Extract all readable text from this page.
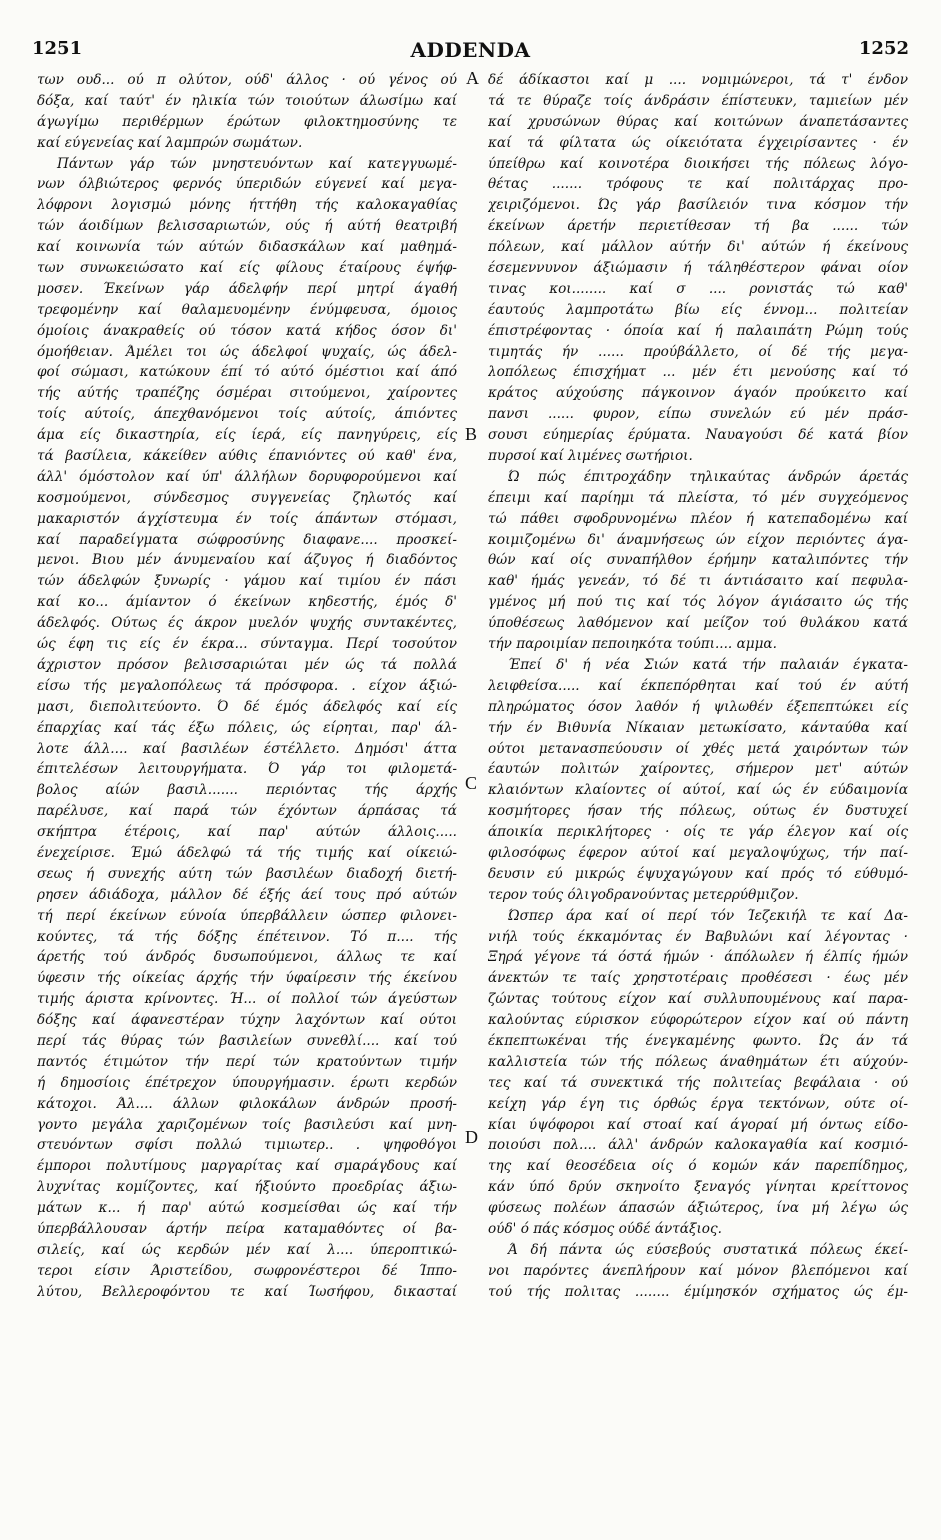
1251	ADDENDA	1252
των ουδ... ού π ολύτον, ούδ' άλλος · ού γένος ού
δόξα, καί ταύτ' έν ηλικία τών τοιούτων άλωσίμω καί
άγωγίμω περιθέρμων έρώτων φιλοκτημοσύνης τε
καί εύγενείας καί λαμπρών σωμάτων.
Πάντων γάρ τών μνηστευόντων καί κατεγγυωμέ-
νων όλβιώτερος φερνός ύπεριδών εύγενεί καί μεγα-
λόφρονι λογισμώ μόνης ήττήθη τής καλοκαγαθίας
τών άοιδίμων βελισσαριωτών, ούς ή αύτή θεατριβή
καί κοινωνία τών αύτών διδασκάλων καί μαθημά-
των συνωκειώσατο καί είς φίλους έταίρους έψήφ-
μοσεν. Έκείνων γάρ άδελφήν περί μητρί άγαθή
τρεφομένην καί θαλαμευομένην ένύμφευσα, όμοιος
όμοίοις άνακραθείς ού τόσον κατά κήδος όσον δι'
όμοήθειαν. Άμέλει τοι ώς άδελφοί ψυχαίς, ώς άδελ-
φοί σώμασι, κατώκουν έπί τό αύτό όμέστιοι καί άπό
τής αύτής τραπέζης όσμέραι σιτούμενοι, χαίροντες
τοίς αύτοίς, άπεχθανόμενοι τοίς αύτοίς, άπιόντες
άμα είς δικαστηρία, είς ίερά, είς πανηγύρεις, είς
τά βασίλεια, κάκείθεν αύθις έπανιόντες ού καθ' ένα,
άλλ' όμόστολον καί ύπ' άλλήλων δορυφορούμενοι καί
κοσμούμενοι, σύνδεσμος συγγενείας ζηλωτός καί
μακαριστόν άγχίστευμα έν τοίς άπάντων στόμασι,
καί παραδείγματα σώφροσύνης διαφανε.... προσκεί-
μενοι. Βιου μέν άνυμεναίου καί άζυγος ή διαδόντος
τών άδελφών ξυνωρίς · γάμου καί τιμίου έν πάσι
καί κο... άμίαντον ό έκείνων κηδεστής, έμός δ'
άδελφός. Ούτως ές άκρον μυελόν ψυχής συντακέντες,
ώς έφη τις είς έν έκρα... σύνταγμα. Περί τοσούτον
άχριστον πρόσον βελισσαριώται μέν ώς τά πολλά
είσω τής μεγαλοπόλεως τά πρόσφορα. . είχον άξιώ-
μασι, διεπολιτεύοντο. Ό δέ έμός άδελφός καί είς
έπαρχίας καί τάς έξω πόλεις, ώς είρηται, παρ' άλ-
λοτε άλλ.... καί βασιλέων έστέλλετο. Δημόσι' άττα
έπιτελέσων λειτουργήματα. Ό γάρ τοι φιλομετά-
βολος αίών βασιλ....... περιόντας τής άρχής
παρέλυσε, καί παρά τών έχόντων άρπάσας τά
σκήπτρα έτέροις, καί παρ' αύτών άλλοις.....
ένεχείρισε. Έμώ άδελφώ τά τής τιμής καί οίκειώ-
σεως ή συνεχής αύτη τών βασιλέων διαδοχή διετή-
ρησεν άδιάδοχα, μάλλον δέ έξής άεί τους πρό αύτών
τή περί έκείνων εύνοία ύπερβάλλειν ώσπερ φιλονει-
κούντες, τά τής δόξης έπέτεινον. Τό π.... τής
άρετής τού άνδρός δυσωπούμενοι, άλλως τε καί
ύφεσιν τής οίκείας άρχής τήν ύφαίρεσιν τής έκείνου
τιμής άριστα κρίνοντες. Ή... οί πολλοί τών άγεύστων
δόξης καί άφανεστέραν τύχην λαχόντων καί ούτοι
περί τάς θύρας τών βασιλείων συνεθλί.... καί τού
παντός έτιμώτον τήν περί τών κρατούντων τιμήν
ή δημοσίοις έπέτρεχον ύπουργήμασιν. έρωτι κερδών
κάτοχοι. Άλ.... άλλων φιλοκάλων άνδρών προσή-
γοντο μεγάλα χαριζομένων τοίς βασιλεύσι καί μνη-
στευόντων σφίσι πολλώ τιμιωτερ.. . ψηφοθόγοι
έμποροι πολυτίμους μαργαρίτας καί σμαράγδους καί
λυχνίτας κομίζοντες, καί ήξιούντο προεδρίας άξιω-
μάτων κ... ή παρ' αύτώ κοσμείσθαι ώς καί τήν
ύπερβάλλουσαν άρτήν πείρα καταμαθόντες οί βα-
σιλείς, καί ώς κερδών μέν καί λ.... ύπεροπτικώ-
τεροι είσιν Άριστείδου, σωφρονέστεροι δέ Ίππο-
λύτου, Βελλεροφόντου τε καί Ίωσήφου, δικασταί
δέ άδίκαστοι καί μ .... νομιμώνεροι, τά τ' ένδον
τά τε θύραζε τοίς άνδράσιν έπίστευκν, ταμιείων μέν
καί χρυσώνων θύρας καί κοιτώνων άναπετάσαντες
καί τά φίλτατα ώς οίκειότατα έγχειρίσαντες · έν
ύπείθρω καί κοινοτέρα διοικήσει τής πόλεως λόγο-
θέτας ....... τρόφους τε καί πολιτάρχας προ-
χειριζόμενοι. Ώς γάρ βασίλειόν τινα κόσμον τήν
έκείνων άρετήν περιετίθεσαν τή βα ...... τών
πόλεων, καί μάλλον αύτήν δι' αύτών ή έκείνους
έσεμεννυνον άξιώμασιν ή τάληθέστερον φάναι οίον
τινας κοι........ καί σ .... ρονιστάς τώ καθ'
έαυτούς λαμπροτάτω βίω είς έννομ... πολιτείαν
έπιστρέφοντας · όποία καί ή παλαιπάτη Ρώμη τούς
τιμητάς ήν ...... προύβάλλετο, οί δέ τής μεγα-
λοπόλεως έπισχήματ ... μέν έτι μενούσης καί τό
κράτος αύχούσης πάγκοινον άγαόν προύκειτο καί
πανσι ...... φυρον, είπω συνελών εύ μέν πράσ-
σουσι εύημερίας έρύματα. Ναυαγούσι δέ κατά βίον
πυρσοί καί λιμένες σωτήριοι.
Ώ πώς έπιτροχάδην τηλικαύτας άνδρών άρετάς
έπειμι καί παρίημι τά πλείστα, τό μέν συγχεόμενος
τώ πάθει σφοδρυνομένω πλέον ή κατεπαδομένω καί
κοιμιζομένω δι' άναμνήσεως ών είχον περιόντες άγα-
θών καί οίς συναπήλθον έρήμην καταλιπόντες τήν
καθ' ήμάς γενεάν, τό δέ τι άντιάσαιτο καί πεφυλα-
γμένος μή πού τις καί τός λόγον άγιάσαιτο ώς τής
ύποθέσεως λαθόμενον καί μείζον τού θυλάκου κατά
τήν παροιμίαν πεποιηκότα τούπι.... αμμα.
Έπεί δ' ή νέα Σιών κατά τήν παλαιάν έγκατα-
λειφθείσα..... καί έκπεπόρθηται καί τού έν αύτή
πληρώματος όσον λαθόν ή ψιλωθέν έξεπεπτώκει είς
τήν έν Βιθυνία Νίκαιαν μετωκίσατο, κάνταύθα καί
ούτοι μετανασπεύουσιν οί χθές μετά χαιρόντων τών
έαυτών πολιτών χαίροντες, σήμερον μετ' αύτών
κλαιόντων κλαίοντες οί αύτοί, καί ώς έν εύδαιμονία
κοσμήτορες ήσαν τής πόλεως, ούτως έν δυστυχεί
άποικία περικλήτορες · οίς τε γάρ έλεγον καί οίς
φιλοσόφως έφερον αύτοί καί μεγαλοψύχως, τήν παί-
δευσιν εύ μικρώς έψυχαγώγουν καί πρός τό εύθυμό-
τερον τούς όλιγοδρανούντας μετερρύθμιζον.
Ώσπερ άρα καί οί περί τόν Ίεζεκιήλ τε καί Δα-
νιήλ τούς έκκαμόντας έν Βαβυλώνι καί λέγοντας ·
Ξηρά γέγονε τά όστά ήμών · άπόλωλεν ή έλπίς ήμών
άνεκτών τε ταίς χρηστοτέραις προθέσεσι · έως μέν
ζώντας τούτους είχον καί συλλυπουμένους καί παρα-
καλούντας εύρισκον εύφορώτερον είχον καί ού πάντη
έκπεπτωκέναι τής ένεγκαμένης φωντο. Ώς άν τά
καλλιστεία τών τής πόλεως άναθημάτων έτι αύχούν-
τες καί τά συνεκτικά τής πολιτείας βεφάλαια · ού
κείχη γάρ έγη τις όρθώς έργα τεκτόνων, ούτε οί-
κίαι ύψόφοροι καί στοαί καί άγοραί μή όντως είδο-
ποιούσι πολ.... άλλ' άνδρών καλοκαγαθία καί κοσμιό-
της καί θεοσέδεια οίς ό κομών κάν παρεπίδημος,
κάν ύπό δρύν σκηνοίτο ξεναγός γίνηται κρείττονος
φύσεως πολέων άπασών άξιώτερος, ίνα μή λέγω ώς
ούδ' ό πάς κόσμος ούδέ άντάξιος.
Ά δή πάντα ώς εύσεβούς συστατικά πόλεως έκεί-
νοι παρόντες άνεπλήρουν καί μόνον βλεπόμενοι καί
τού τής πολιτας ........ έμίμησκόν σχήματος ώς έμ-
A
B
C
D
